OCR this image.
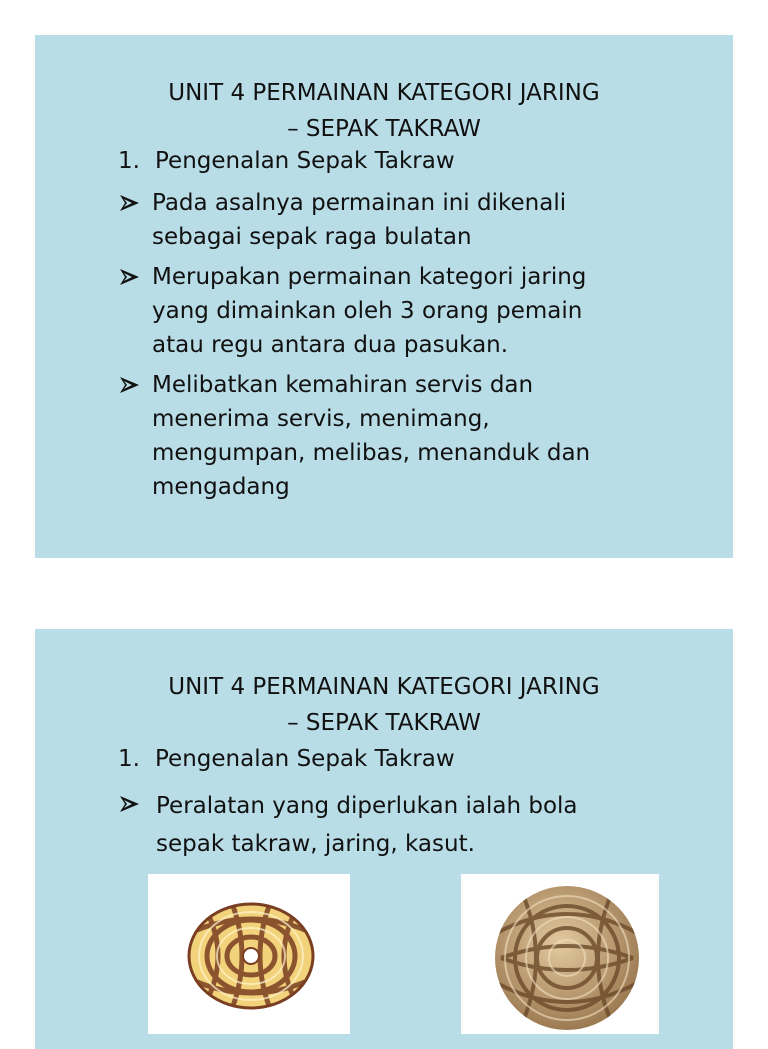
UNIT 4 PERMAINAN KATEGORI JARING
– SEPAK TAKRAW
1. Pengenalan Sepak Takraw
Pada asalnya permainan ini dikenali
sebagai sepak raga bulatan
Merupakan permainan kategori jaring
yang dimainkan oleh 3 orang pemain
atau regu antara dua pasukan.
Melibatkan kemahiran servis dan
menerima servis, menimang,
mengumpan, melibas, menanduk dan
mengadang
UNIT 4 PERMAINAN KATEGORI JARING
– SEPAK TAKRAW
1. Pengenalan Sepak Takraw
Peralatan yang diperlukan ialah bola
sepak takraw, jaring, kasut.
